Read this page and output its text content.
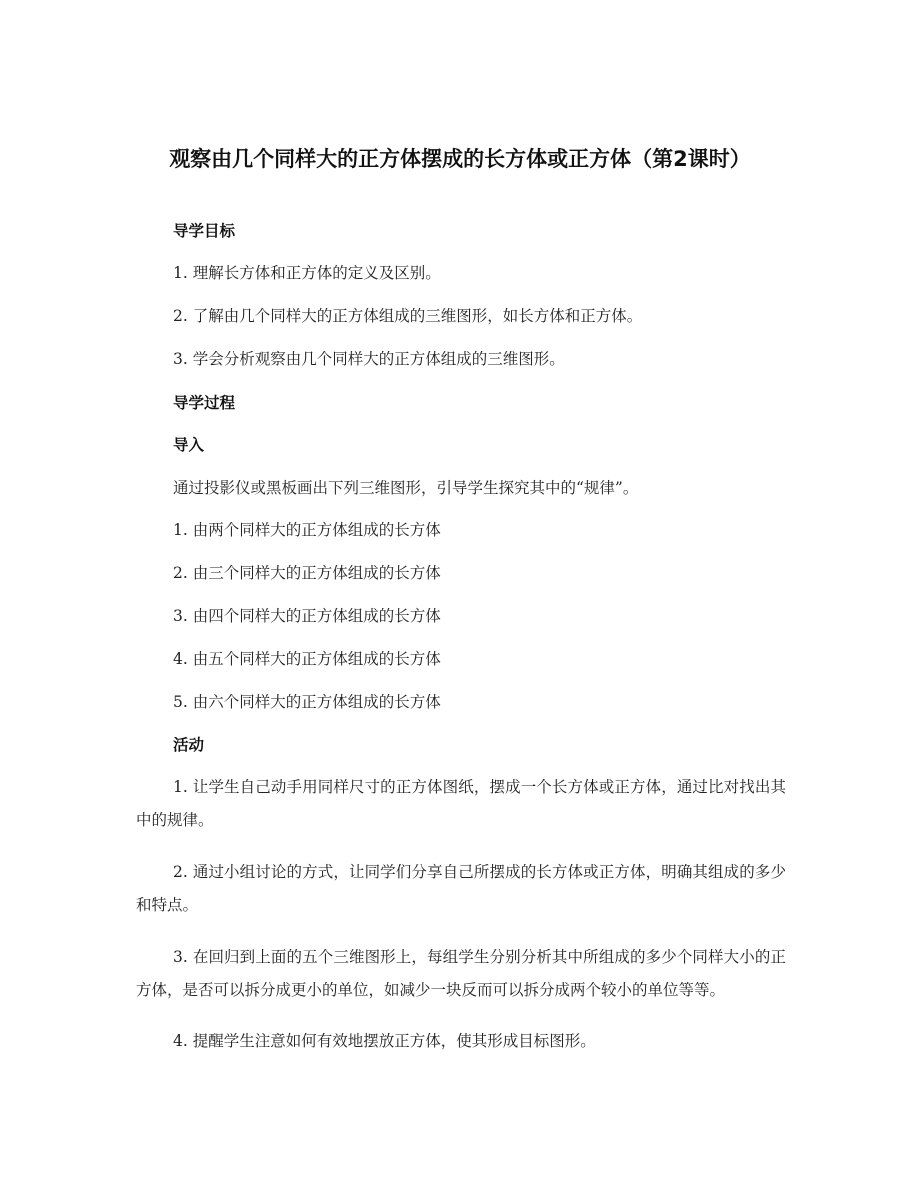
观察由几个同样大的正方体摆成的长方体或正方体（第2课时）
导学目标
1. 理解长方体和正方体的定义及区别。
2. 了解由几个同样大的正方体组成的三维图形，如长方体和正方体。
3. 学会分析观察由几个同样大的正方体组成的三维图形。
导学过程
导入
通过投影仪或黑板画出下列三维图形，引导学生探究其中的“规律”。
1. 由两个同样大的正方体组成的长方体
2. 由三个同样大的正方体组成的长方体
3. 由四个同样大的正方体组成的长方体
4. 由五个同样大的正方体组成的长方体
5. 由六个同样大的正方体组成的长方体
活动
1. 让学生自己动手用同样尺寸的正方体图纸，摆成一个长方体或正方体，通过比对找出其中的规律。
2. 通过小组讨论的方式，让同学们分享自己所摆成的长方体或正方体，明确其组成的多少和特点。
3. 在回归到上面的五个三维图形上，每组学生分别分析其中所组成的多少个同样大小的正方体，是否可以拆分成更小的单位，如减少一块反而可以拆分成两个较小的单位等等。
4. 提醒学生注意如何有效地摆放正方体，使其形成目标图形。
